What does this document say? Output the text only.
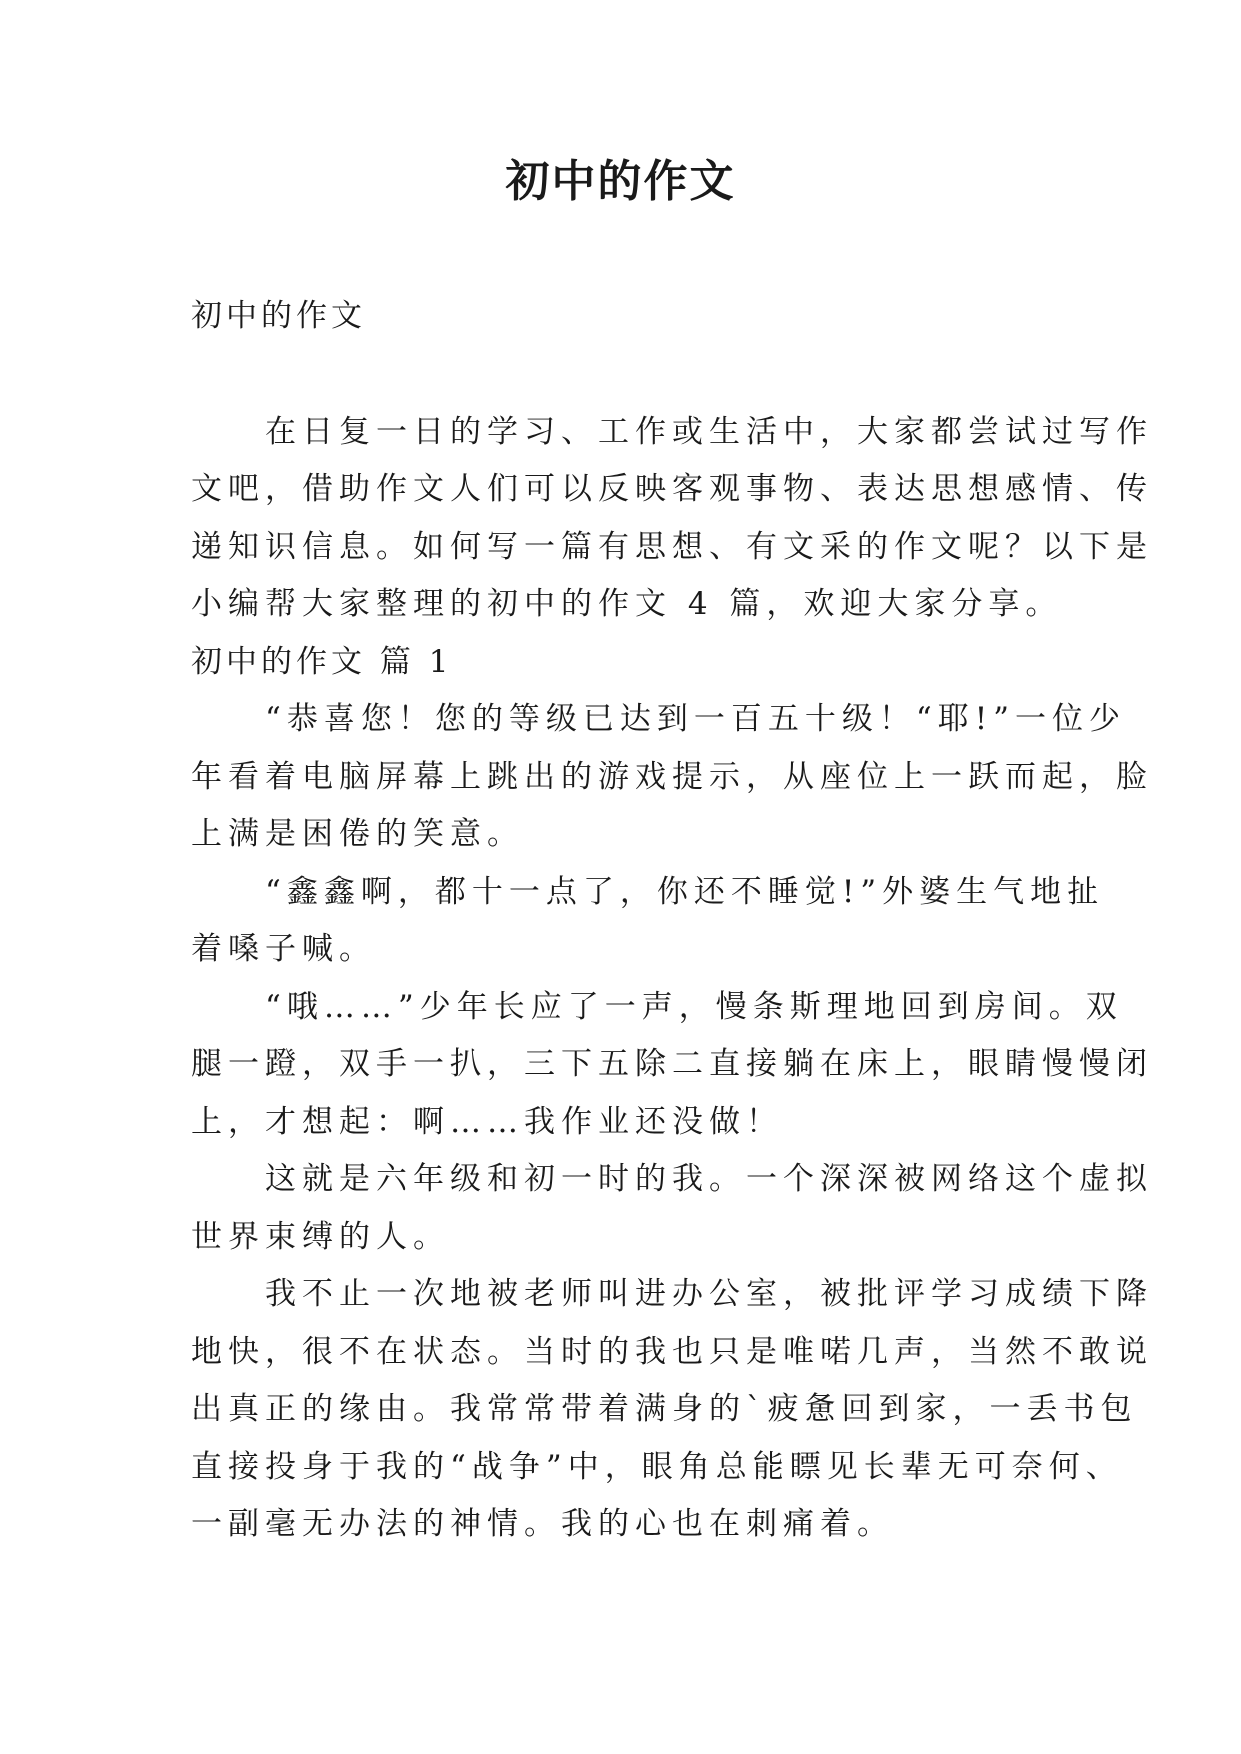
初中的作文

初中的作文

　　在日复一日的学习、工作或生活中，大家都尝试过写作

文吧，借助作文人们可以反映客观事物、表达思想感情、传

递知识信息。如何写一篇有思想、有文采的作文呢？以下是

小编帮大家整理的初中的作文 4 篇，欢迎大家分享。

初中的作文 篇 1

　　“恭喜您！您的等级已达到一百五十级！“耶!”一位少

年看着电脑屏幕上跳出的游戏提示，从座位上一跃而起，脸

上满是困倦的笑意。

　　“鑫鑫啊，都十一点了，你还不睡觉!”外婆生气地扯

着嗓子喊。

　　“哦……”少年长应了一声，慢条斯理地回到房间。双

腿一蹬，双手一扒，三下五除二直接躺在床上，眼睛慢慢闭

上，才想起：啊……我作业还没做！

　　这就是六年级和初一时的我。一个深深被网络这个虚拟

世界束缚的人。

　　我不止一次地被老师叫进办公室，被批评学习成绩下降

地快，很不在状态。当时的我也只是唯喏几声，当然不敢说

出真正的缘由。我常常带着满身的`疲惫回到家，一丢书包

直接投身于我的“战争”中，眼角总能瞟见长辈无可奈何、

一副毫无办法的神情。我的心也在刺痛着。
